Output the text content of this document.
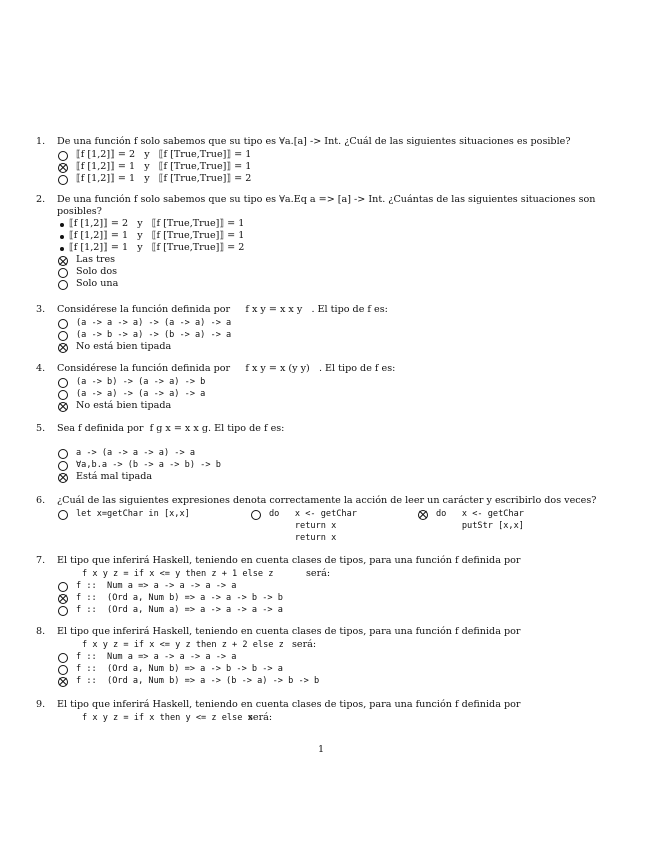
1. De una función f solo sabemos que su tipo es ∀a.[a] -> Int. ¿Cuál de las siguientes situaciones es posible?
⟦f [1,2]⟧ = 2   y   ⟦f [True,True]⟧ = 1
⟦f [1,2]⟧ = 1   y   ⟦f [True,True]⟧ = 1
⟦f [1,2]⟧ = 1   y   ⟦f [True,True]⟧ = 2
2. De una función f solo sabemos que su tipo es ∀a.Eq a => [a] -> Int. ¿Cuántas de las siguientes situaciones son
posibles?
⟦f [1,2]⟧ = 2   y   ⟦f [True,True]⟧ = 1
⟦f [1,2]⟧ = 1   y   ⟦f [True,True]⟧ = 1
⟦f [1,2]⟧ = 1   y   ⟦f [True,True]⟧ = 2
Las tres
Solo dos
Solo una
3. Considérese la función definida por     f x y = x x y   . El tipo de f es:
(a -> a -> a) -> (a -> a) -> a
(a -> b -> a) -> (b -> a) -> a
No está bien tipada
4. Considérese la función definida por     f x y = x (y y)   . El tipo de f es:
(a -> b) -> (a -> a) -> b
(a -> a) -> (a -> a) -> a
No está bien tipada
5. Sea f definida por  f g x = x x g. El tipo de f es:
a -> (a -> a -> a) -> a
∀a,b.a -> (b -> a -> b) -> b
Está mal tipada
6. ¿Cuál de las siguientes expresiones denota correctamente la acción de leer un carácter y escribirlo dos veces?
let x=getChar in [x,x]	do   x <- getChar
return x
return x
do   x <- getChar
putStr [x,x]
7. El tipo que inferirá Haskell, teniendo en cuenta clases de tipos, para una función f definida por
f x y z = if x <= y then z + 1 else z	será:
f ::  Num a => a -> a -> a -> a
f ::  (Ord a, Num b) => a -> a -> b -> b
f ::  (Ord a, Num a) => a -> a -> a -> a
8. El tipo que inferirá Haskell, teniendo en cuenta clases de tipos, para una función f definida por
f x y z = if x <= y z then z + 2 else z será:
f ::  Num a => a -> a -> a -> a
f ::  (Ord a, Num b) => a -> b -> b -> a
f ::  (Ord a, Num b) => a -> (b -> a) -> b -> b
9. El tipo que inferirá Haskell, teniendo en cuenta clases de tipos, para una función f definida por
f x y z = if x then y <= z else x
será:
1
